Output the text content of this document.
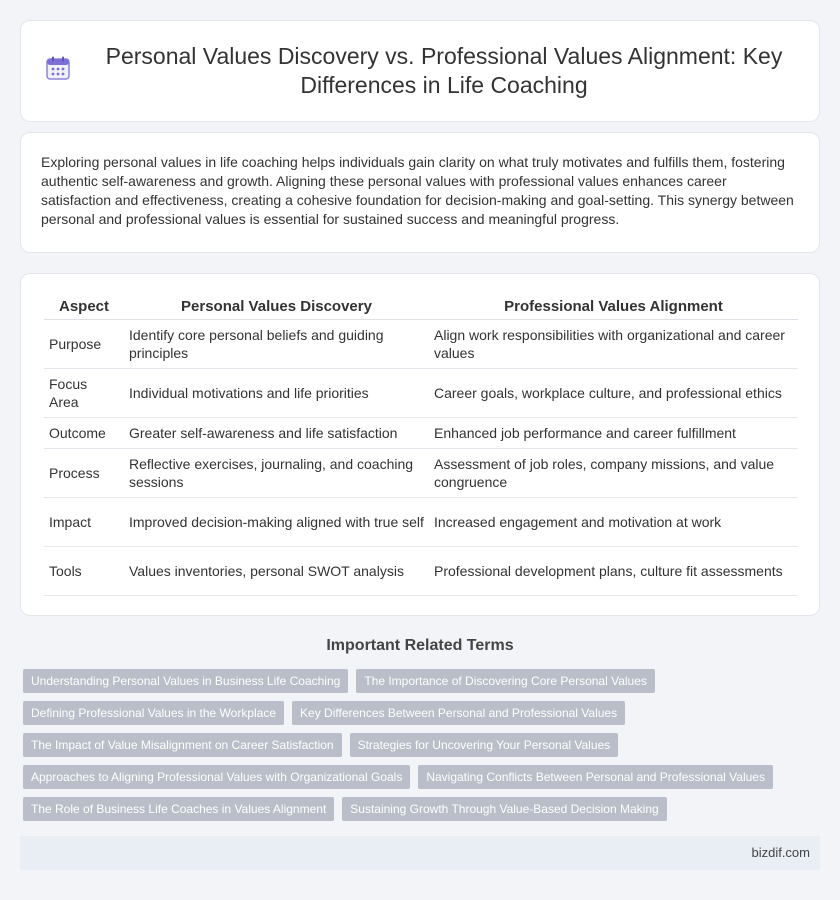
Personal Values Discovery vs. Professional Values Alignment: Key Differences in Life Coaching

Exploring personal values in life coaching helps individuals gain clarity on what truly motivates and fulfills them, fostering authentic self-awareness and growth. Aligning these personal values with professional values enhances career satisfaction and effectiveness, creating a cohesive foundation for decision-making and goal-setting. This synergy between personal and professional values is essential for sustained success and meaningful progress.

Aspect	Personal Values Discovery	Professional Values Alignment
Purpose	Identify core personal beliefs and guiding principles	Align work responsibilities with organizational and career values
Focus Area	Individual motivations and life priorities	Career goals, workplace culture, and professional ethics
Outcome	Greater self-awareness and life satisfaction	Enhanced job performance and career fulfillment
Process	Reflective exercises, journaling, and coaching sessions	Assessment of job roles, company missions, and value congruence
Impact	Improved decision-making aligned with true self	Increased engagement and motivation at work
Tools	Values inventories, personal SWOT analysis	Professional development plans, culture fit assessments
Important Related Terms
Understanding Personal Values in Business Life Coaching	The Importance of Discovering Core Personal Values
Defining Professional Values in the Workplace	Key Differences Between Personal and Professional Values
The Impact of Value Misalignment on Career Satisfaction	Strategies for Uncovering Your Personal Values
Approaches to Aligning Professional Values with Organizational Goals	Navigating Conflicts Between Personal and Professional Values
The Role of Business Life Coaches in Values Alignment	Sustaining Growth Through Value-Based Decision Making
bizdif.com
